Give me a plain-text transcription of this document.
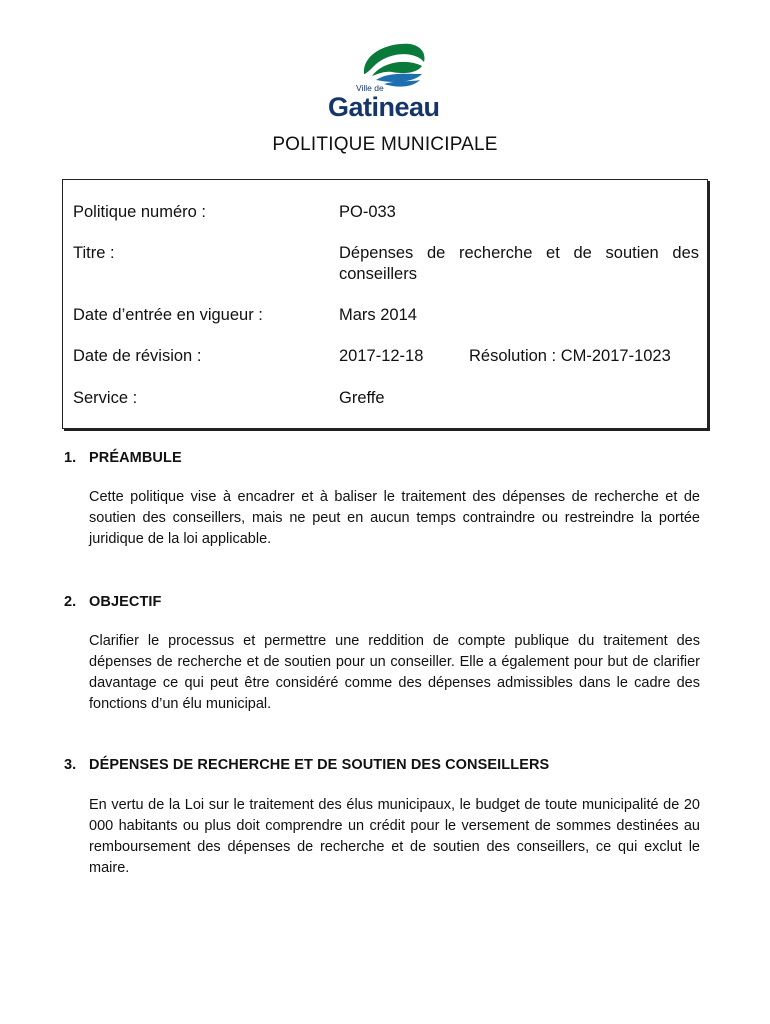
Ville de
Gatineau
POLITIQUE MUNICIPALE
Politique numéro :	PO-033
Titre :	Dépenses de recherche et de soutien des conseillers
Date d’entrée en vigueur :	Mars 2014
Date de révision :	2017-12-18	Résolution : CM-2017-1023
Service :	Greffe
1. PRÉAMBULE

Cette politique vise à encadrer et à baliser le traitement des dépenses de recherche et de soutien des conseillers, mais ne peut en aucun temps contraindre ou restreindre la portée juridique de la loi applicable.

2. OBJECTIF

Clarifier le processus et permettre une reddition de compte publique du traitement des dépenses de recherche et de soutien pour un conseiller. Elle a également pour but de clarifier davantage ce qui peut être considéré comme des dépenses admissibles dans le cadre des fonctions d’un élu municipal.

3. DÉPENSES DE RECHERCHE ET DE SOUTIEN DES CONSEILLERS

En vertu de la Loi sur le traitement des élus municipaux, le budget de toute municipalité de 20 000 habitants ou plus doit comprendre un crédit pour le versement de sommes destinées au remboursement des dépenses de recherche et de soutien des conseillers, ce qui exclut le maire.
